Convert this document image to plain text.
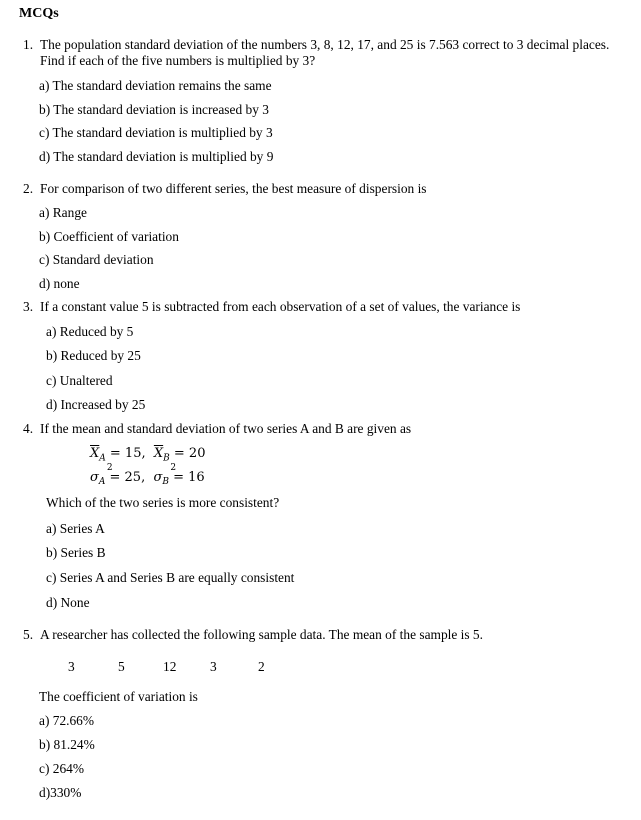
MCQs
1. The population standard deviation of the numbers 3, 8, 12, 17, and 25 is 7.563 correct to 3 decimal places. Find if each of the five numbers is multiplied by 3?
a) The standard deviation remains the same
b) The standard deviation is increased by 3
c) The standard deviation is multiplied by 3
d) The standard deviation is multiplied by 9
2. For comparison of two different series, the best measure of dispersion is
a) Range
b) Coefficient of variation
c) Standard deviation
d) none
3. If a constant value 5 is subtracted from each observation of a set of values, the variance is
a) Reduced by 5
b) Reduced by 25
c) Unaltered
d) Increased by 25
4. If the mean and standard deviation of two series A and B are given as
$\overline{X}_A = 15$, $\overline{X}_B = 20$
$\sigma_A$
2
= 25, $\sigma_B$
2
= 16
Which of the two series is more consistent?
a) Series A
b) Series B
c) Series A and Series B are equally consistent
d) None
5. A researcher has collected the following sample data. The mean of the sample is 5.
3	5	12	3	2
The coefficient of variation is
a) 72.66%
b) 81.24%
c) 264%
d)330%
